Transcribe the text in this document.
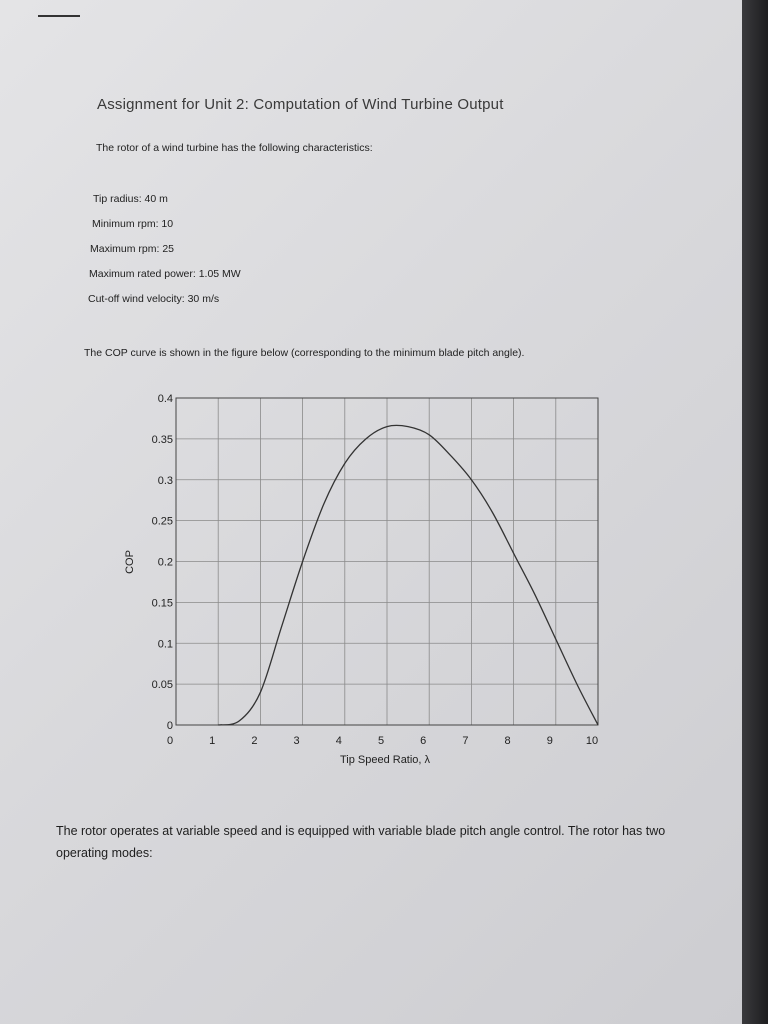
Assignment for Unit 2: Computation of Wind Turbine Output
The rotor of a wind turbine has the following characteristics:
Tip radius: 40 m
Minimum rpm: 10
Maximum rpm: 25
Maximum rated power: 1.05 MW
Cut-off wind velocity: 30 m/s
The COP curve is shown in the figure below (corresponding to the minimum blade pitch angle).
0
0.05
0.1
0.15
0.2
0.25
0.3
0.35
0.4
0	1	2	3	4	5	6	7	8	9	10
COP
Tip Speed Ratio, λ
The rotor operates at variable speed and is equipped with variable blade pitch angle control. The rotor has two operating modes:
